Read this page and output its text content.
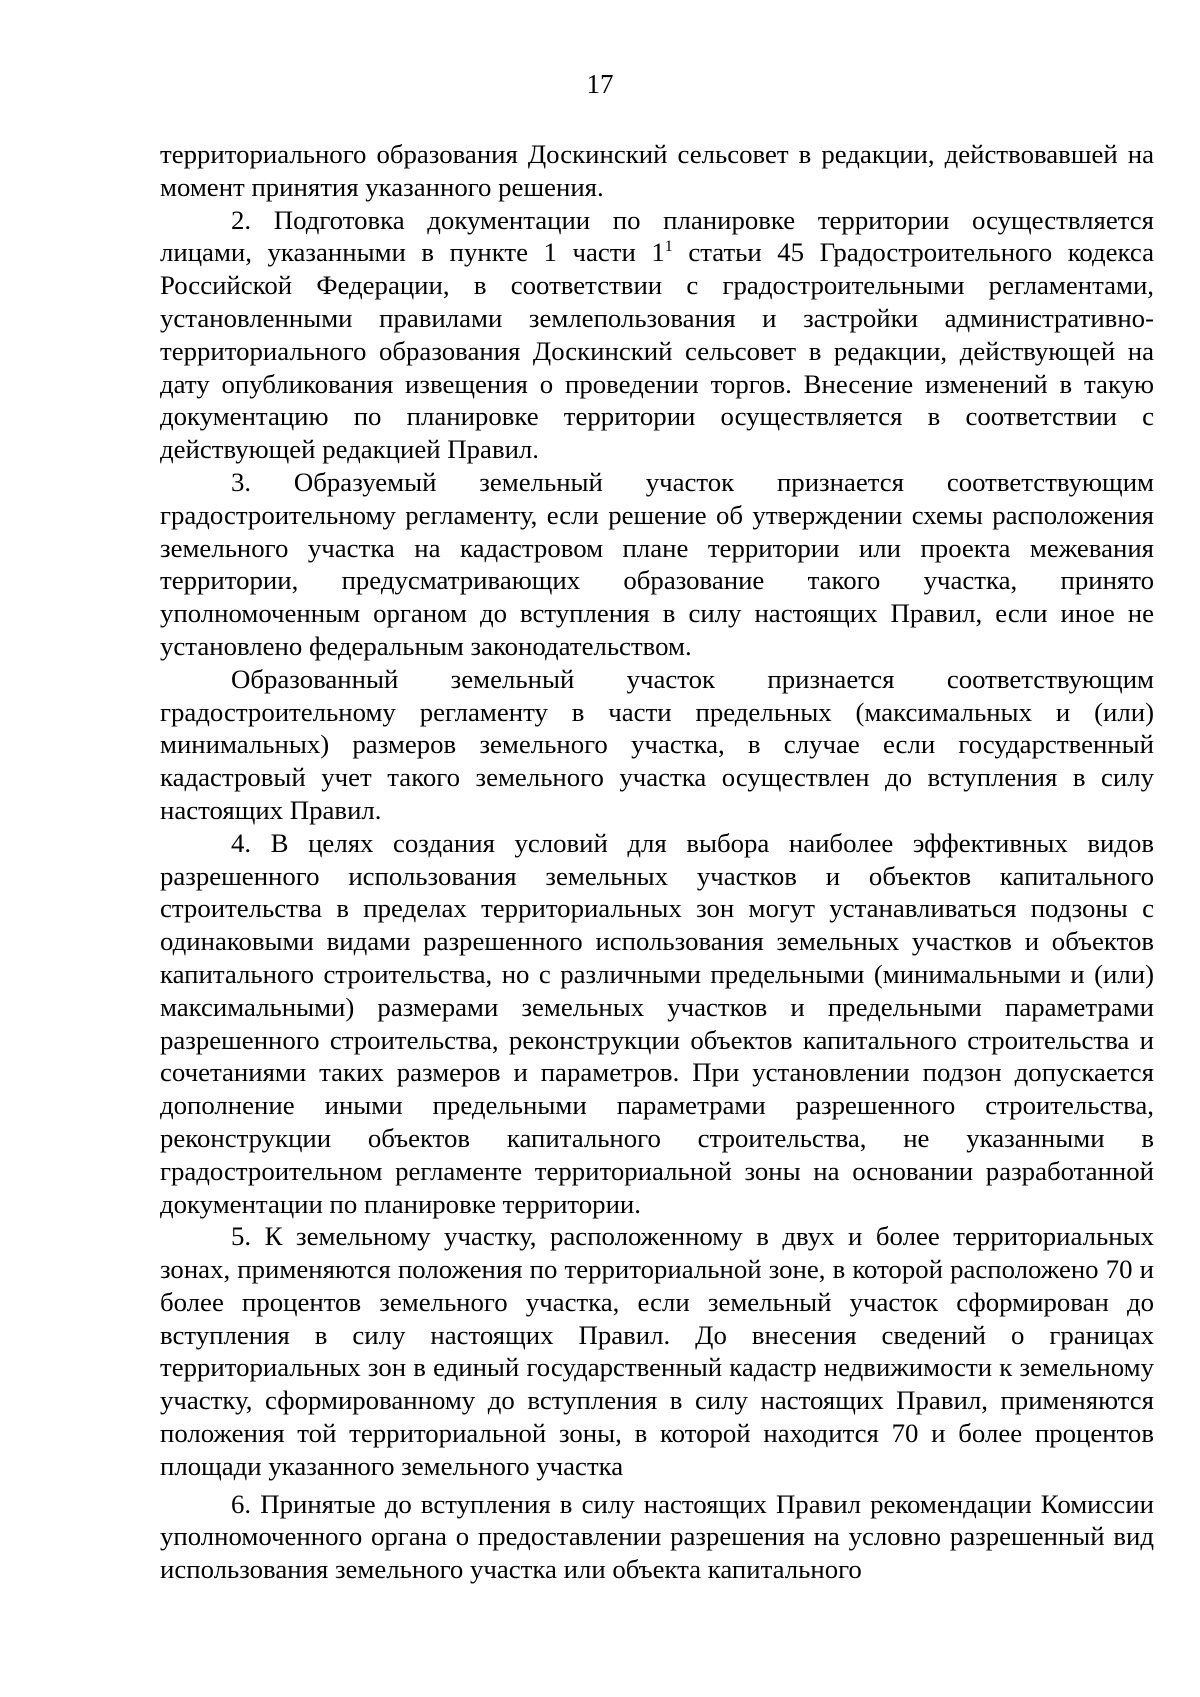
17

территориального образования Доскинский сельсовет в редакции, действовавшей на момент принятия указанного решения.

2. Подготовка документации по планировке территории осуществляется лицами, указанными в пункте 1 части $1^1$ статьи 45 Градостроительного кодекса Российской Федерации, в соответствии с градостроительными регламентами, установленными правилами землепользования и застройки административно-территориального образования Доскинский сельсовет в редакции, действующей на дату опубликования извещения о проведении торгов. Внесение изменений в такую документацию по планировке территории осуществляется в соответствии с действующей редакцией Правил.

3. Образуемый земельный участок признается соответствующим градостроительному регламенту, если решение об утверждении схемы расположения земельного участка на кадастровом плане территории или проекта межевания территории, предусматривающих образование такого участка, принято уполномоченным органом до вступления в силу настоящих Правил, если иное не установлено федеральным законодательством.

Образованный земельный участок признается соответствующим градостроительному регламенту в части предельных (максимальных и (или) минимальных) размеров земельного участка, в случае если государственный кадастровый учет такого земельного участка осуществлен до вступления в силу настоящих Правил.

4. В целях создания условий для выбора наиболее эффективных видов разрешенного использования земельных участков и объектов капитального строительства в пределах территориальных зон могут устанавливаться подзоны с одинаковыми видами разрешенного использования земельных участков и объектов капитального строительства, но с различными предельными (минимальными и (или) максимальными) размерами земельных участков и предельными параметрами разрешенного строительства, реконструкции объектов капитального строительства и сочетаниями таких размеров и параметров. При установлении подзон допускается дополнение иными предельными параметрами разрешенного строительства, реконструкции объектов капитального строительства, не указанными в градостроительном регламенте территориальной зоны на основании разработанной документации по планировке территории.

5. К земельному участку, расположенному в двух и более территориальных зонах, применяются положения по территориальной зоне, в которой расположено 70 и более процентов земельного участка, если земельный участок сформирован до вступления в силу настоящих Правил. До внесения сведений о границах территориальных зон в единый государственный кадастр недвижимости к земельному участку, сформированному до вступления в силу настоящих Правил, применяются положения той территориальной зоны, в которой находится 70 и более процентов площади указанного земельного участка

6. Принятые до вступления в силу настоящих Правил рекомендации Комиссии уполномоченного органа о предоставлении разрешения на условно разрешенный вид использования земельного участка или объекта капитального
